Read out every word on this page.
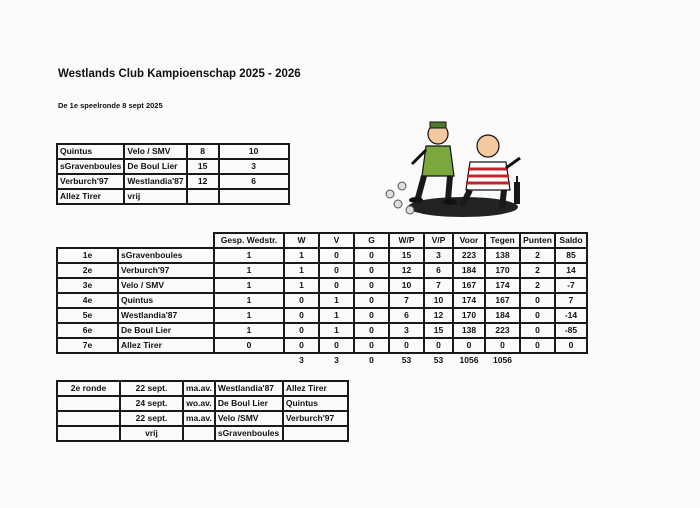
Westlands Club Kampioenschap 2025 - 2026
De 1e speelronde 8 sept 2025
Quintus	Velo / SMV	8	10
sGravenboules	De Boul Lier	15	3
Verburch'97	Westlandia'87	12	6
Allez Tirer	vrij		
		Gesp. Wedstr.	W	V	G	W/P	V/P	Voor	Tegen	Punten	Saldo
1e	sGravenboules	1	1	0	0	15	3	223	138	2	85
2e	Verburch'97	1	1	0	0	12	6	184	170	2	14
3e	Velo / SMV	1	1	0	0	10	7	167	174	2	-7
4e	Quintus	1	0	1	0	7	10	174	167	0	7
5e	Westlandia'87	1	0	1	0	6	12	170	184	0	-14
6e	De Boul Lier	1	0	1	0	3	15	138	223	0	-85
7e	Allez Tirer	0	0	0	0	0	0	0	0	0	0
			3	3	0	53	53	1056	1056		
2e ronde	22 sept.	ma.av.	Westlandia'87	Allez Tirer
	24 sept.	wo.av.	De Boul Lier	Quintus
	22 sept.	ma.av.	Velo /SMV	Verburch'97
	vrij		sGravenboules	
